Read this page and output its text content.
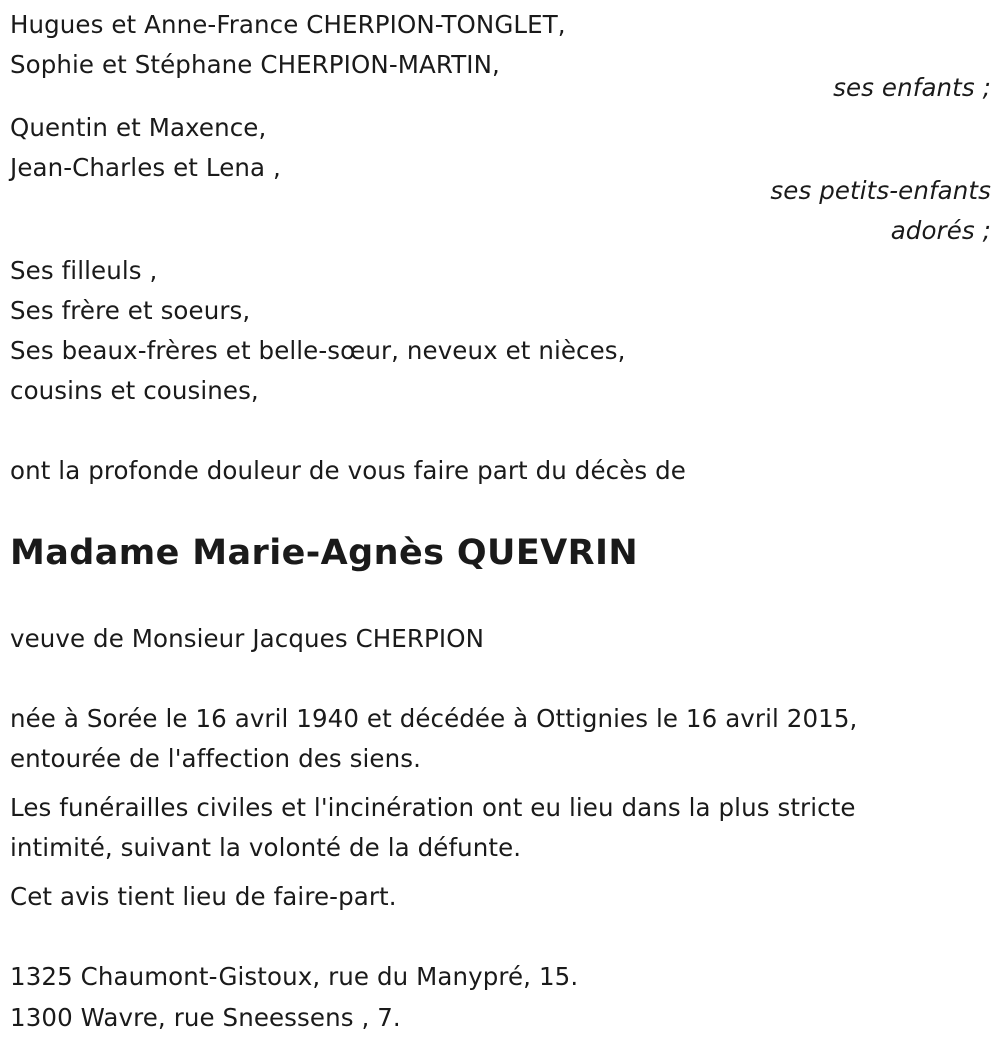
Hugues et Anne-France CHERPION-TONGLET,
Sophie et Stéphane CHERPION-MARTIN,
ses enfants ;
Quentin et Maxence,
Jean-Charles et Lena ,
ses petits-enfants
adorés ;
Ses filleuls ,
Ses frère et soeurs,
Ses beaux-frères et belle-sœur, neveux et nièces,
cousins et cousines,
ont la profonde douleur de vous faire part du décès de
Madame Marie-Agnès QUEVRIN
veuve de Monsieur Jacques CHERPION
née à Sorée le 16 avril 1940 et décédée à Ottignies le 16 avril 2015,
entourée de l'affection des siens.
Les funérailles civiles et l'incinération ont eu lieu dans la plus stricte
intimité, suivant la volonté de la défunte.
Cet avis tient lieu de faire-part.
1325 Chaumont-Gistoux, rue du Manypré, 15.
1300 Wavre, rue Sneessens , 7.
